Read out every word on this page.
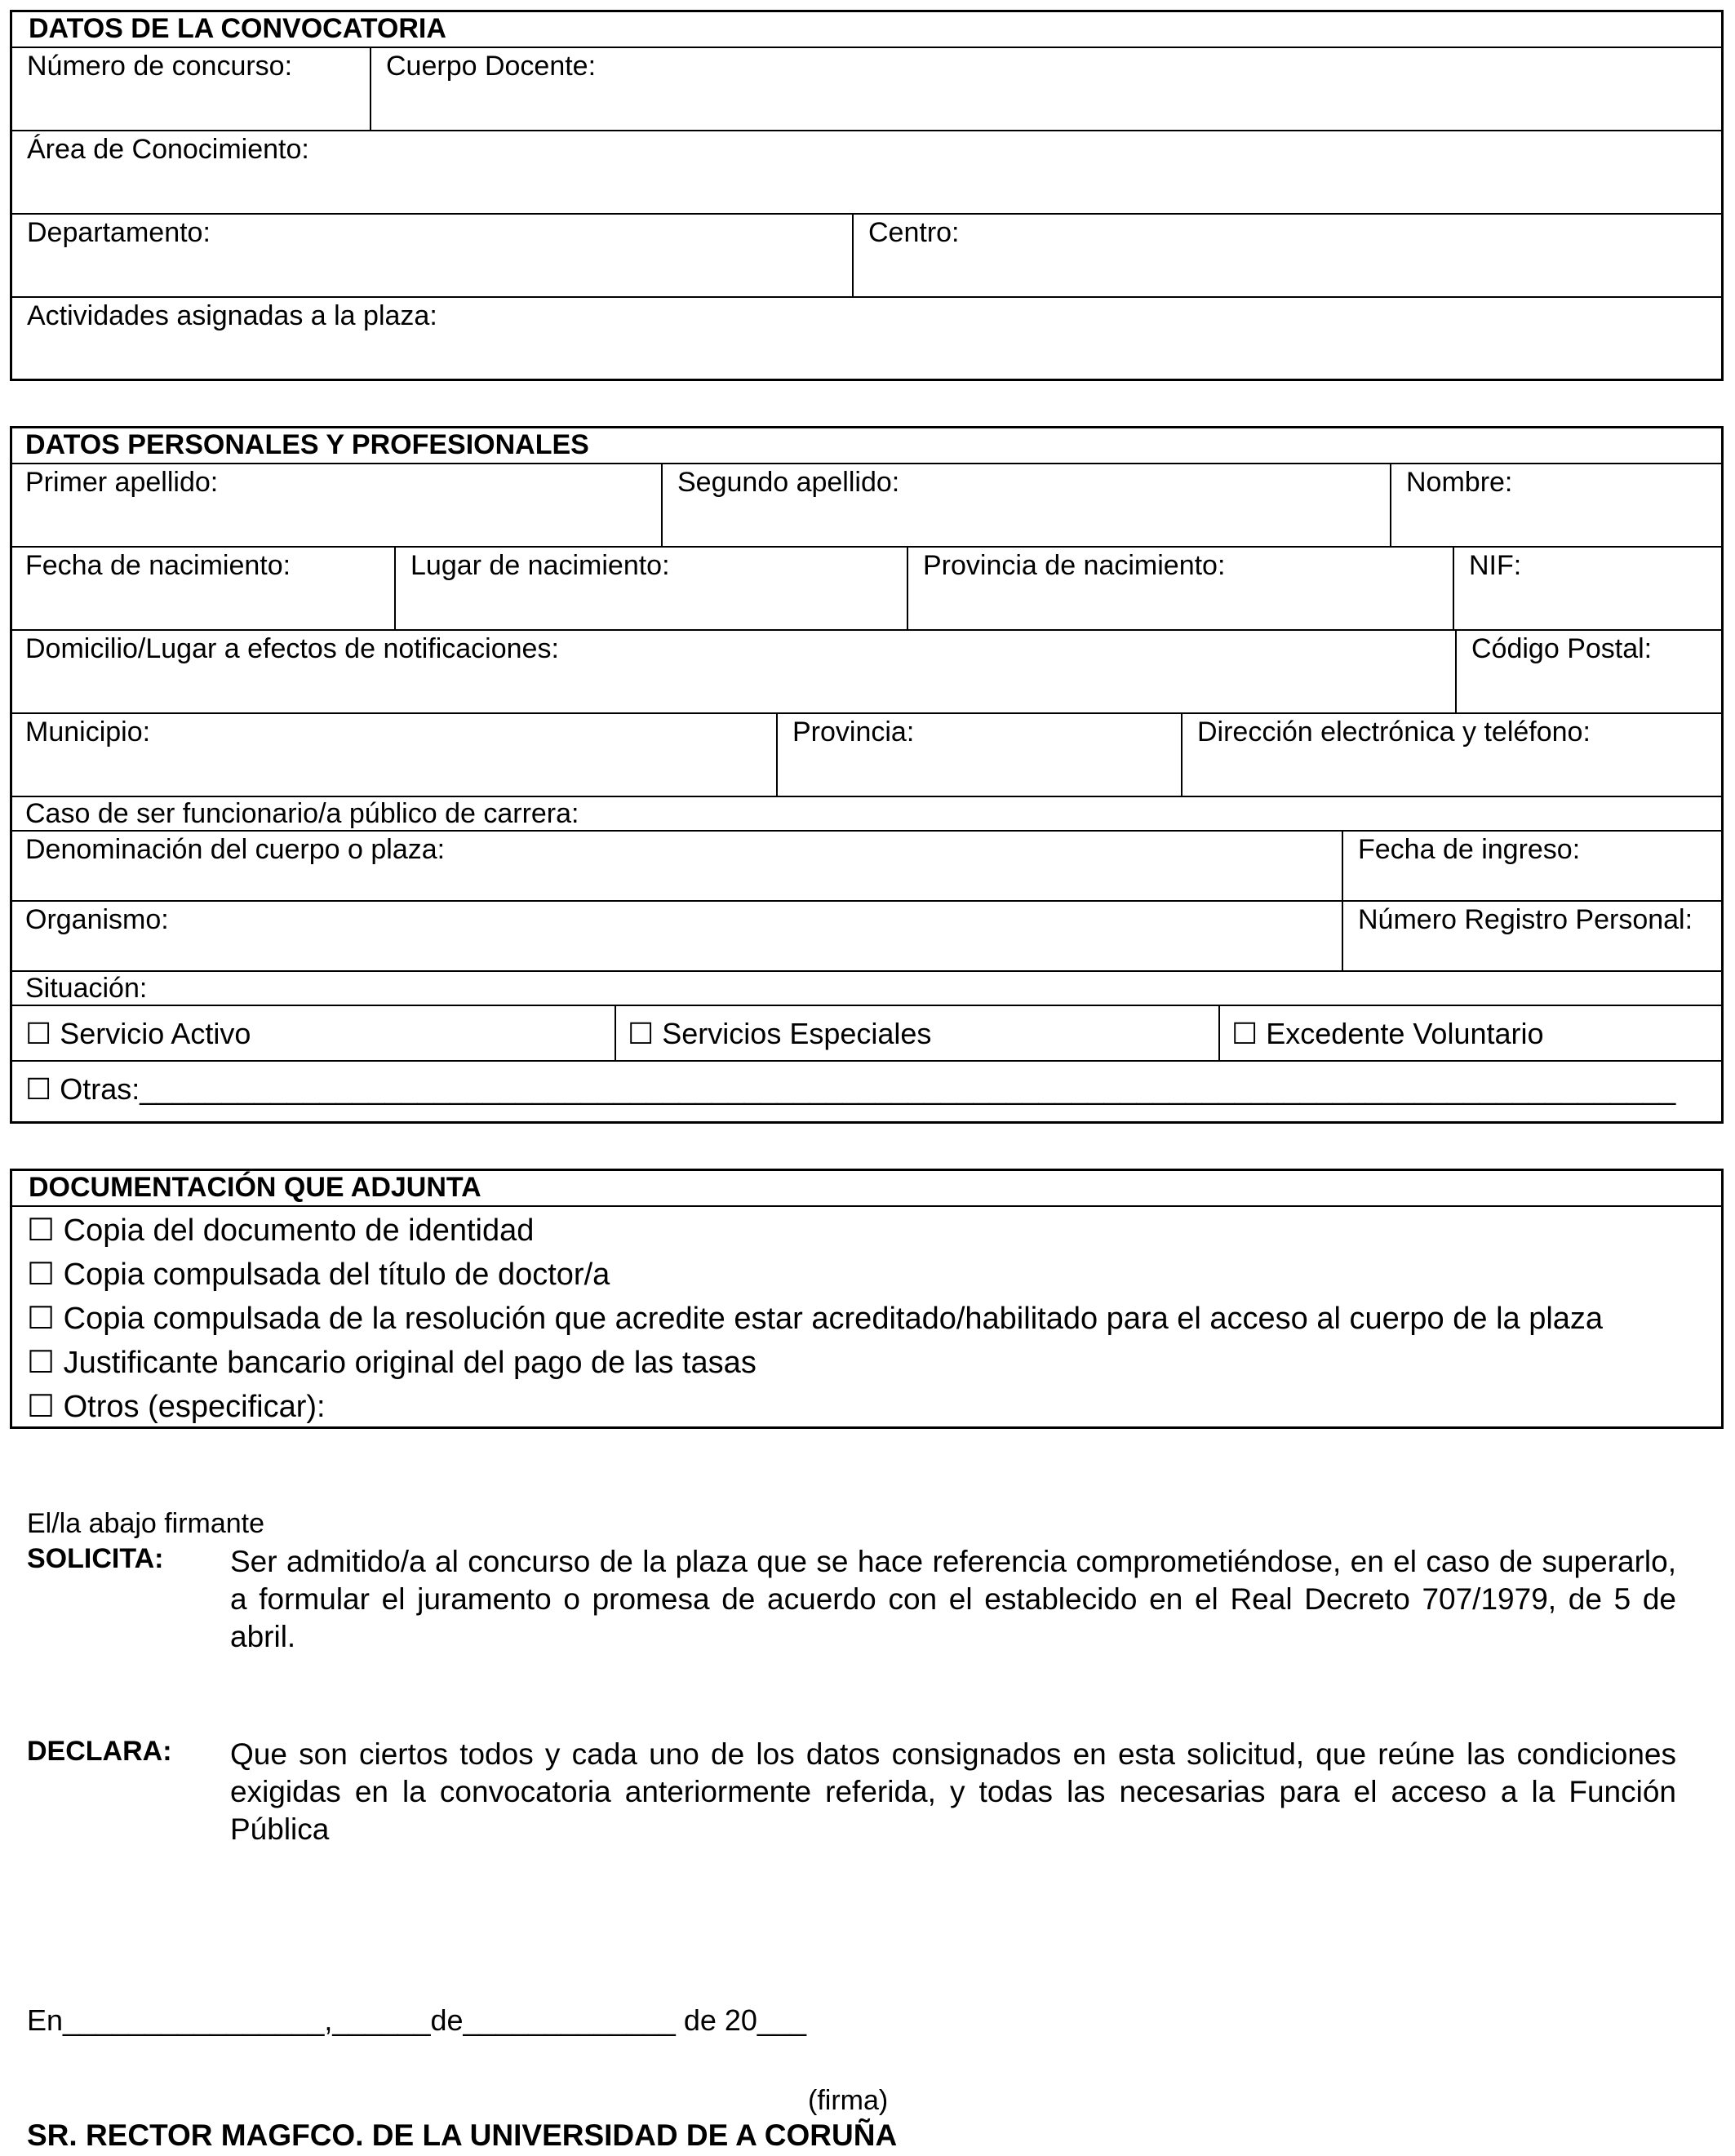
DATOS DE LA CONVOCATORIA
Número de concurso:	Cuerpo Docente:
Área de Conocimiento:
Departamento:	Centro:
Actividades asignadas a la plaza:
DATOS PERSONALES Y PROFESIONALES
Primer apellido:	Segundo apellido:	Nombre:
Fecha de nacimiento:	Lugar de nacimiento:	Provincia de nacimiento:	NIF:
Domicilio/Lugar a efectos de notificaciones:	Código Postal:
Municipio:	Provincia:	Dirección electrónica y teléfono:
Caso de ser funcionario/a público de carrera:
Denominación del cuerpo o plaza:	Fecha de ingreso:
Organismo:	Número Registro Personal:
Situación:
☐ Servicio Activo	☐ Servicios Especiales	☐ Excedente Voluntario
☐ Otras:______________________________________________________________________________________________
DOCUMENTACIÓN QUE ADJUNTA
☐ Copia del documento de identidad
☐ Copia compulsada del título de doctor/a
☐ Copia compulsada de la resolución que acredite estar acreditado/habilitado para el acceso al cuerpo de la plaza
☐ Justificante bancario original del pago de las tasas
☐ Otros (especificar):
El/la abajo firmante
SOLICITA: Ser admitido/a al concurso de la plaza que se hace referencia comprometiéndose, en el caso de superarlo, a formular el juramento o promesa de acuerdo con el establecido en el Real Decreto 707/1979, de 5 de abril.
DECLARA: Que son ciertos todos y cada uno de los datos consignados en esta solicitud, que reúne las condiciones exigidas en la convocatoria anteriormente referida, y todas las necesarias para el acceso a la Función Pública
En________________,______de_____________ de 20___
(firma)
SR. RECTOR MAGFCO. DE LA UNIVERSIDAD DE A CORUÑA
